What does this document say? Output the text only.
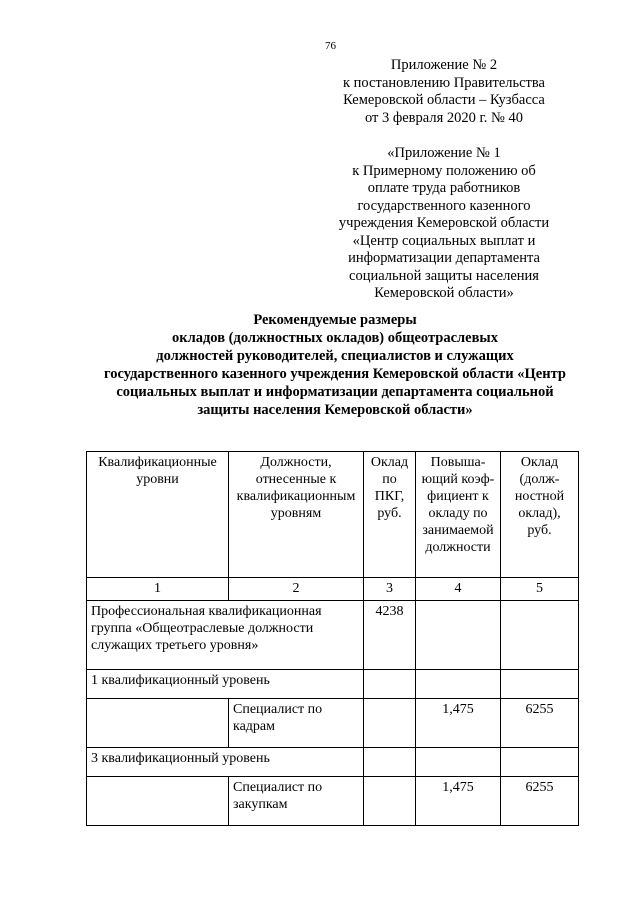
76
Приложение № 2
к постановлению Правительства
Кемеровской области – Кузбасса
от 3 февраля 2020 г. № 40
«Приложение № 1
к Примерному положению об
оплате труда работников
государственного казенного
учреждения Кемеровской области
«Центр социальных выплат и
информатизации департамента
социальной защиты населения
Кемеровской области»
Рекомендуемые размеры
окладов (должностных окладов) общеотраслевых
должностей руководителей, специалистов и служащих
государственного казенного учреждения Кемеровской области «Центр
социальных выплат и информатизации департамента социальной
защиты населения Кемеровской области»
Квалификационные уровни	Должности, отнесенные к квалификационным уровням	Оклад по ПКГ, руб.	Повыша-ющий коэф-фициент к окладу по занимаемой должности	Оклад (долж-ностной оклад), руб.
1	2	3	4	5
Профессиональная квалификационная группа «Общеотраслевые должности служащих третьего уровня»		4238		
1 квалификационный уровень				
	Специалист по кадрам		1,475	6255
3 квалификационный уровень				
	Специалист по закупкам		1,475	6255
